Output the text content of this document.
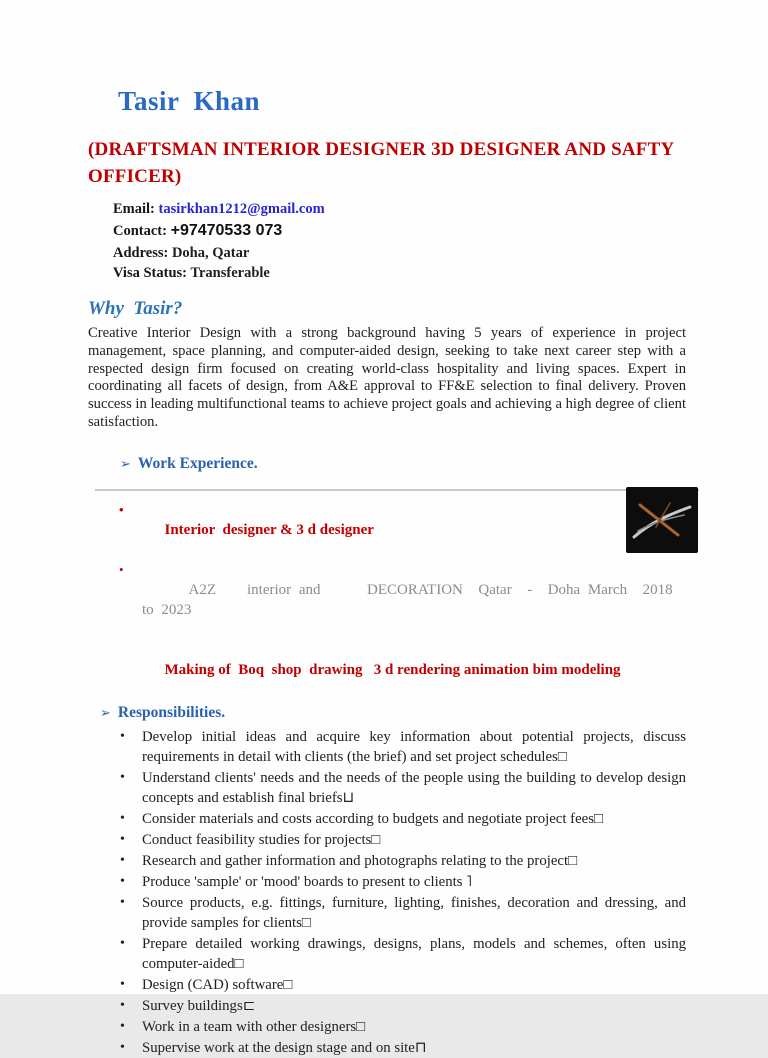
Tasir  Khan
(DRAFTSMAN INTERIOR DESIGNER 3D DESIGNER AND SAFTY OFFICER)
Email: tasirkhan1212@gmail.com
Contact: +97470533 073
Address: Doha, Qatar
Visa Status: Transferable
Why  Tasir?

Creative Interior Design with a strong background having 5 years of experience in project management, space planning, and computer-aided design, seeking to take next career step with a respected design firm focused on creating world-class hospitality and living spaces. Expert in coordinating all facets of design, from A&E approval to FF&E selection to final delivery. Proven success in leading multifunctional teams to achieve project goals and achieving a high degree of client satisfaction.

➢ Work Experience.

•
Interior  designer & 3 d designer

•
A2Z    interior and      DECORATION  Qatar  -  Doha March  2018  to 2023

Making of  Boq  shop  drawing   3 d rendering animation bim modeling

➢ Responsibilities.
• Develop initial ideas and acquire key information about potential projects, discuss requirements in detail with clients (the brief) and set project schedules□
• Understand clients' needs and the needs of the people using the building to develop design concepts and establish final briefs⊔
• Consider materials and costs according to budgets and negotiate project fees□
• Conduct feasibility studies for projects□
• Research and gather information and photographs relating to the project□
• Produce 'sample' or 'mood' boards to present to clients ˥
• Source products, e.g. fittings, furniture, lighting, finishes, decoration and dressing, and provide samples for clients□
• Prepare detailed working drawings, designs, plans, models and schemes, often using computer-aided□
• Design (CAD) software□
• Survey buildings⊏
• Work in a team with other designers□
• Supervise work at the design stage and on site⊓
